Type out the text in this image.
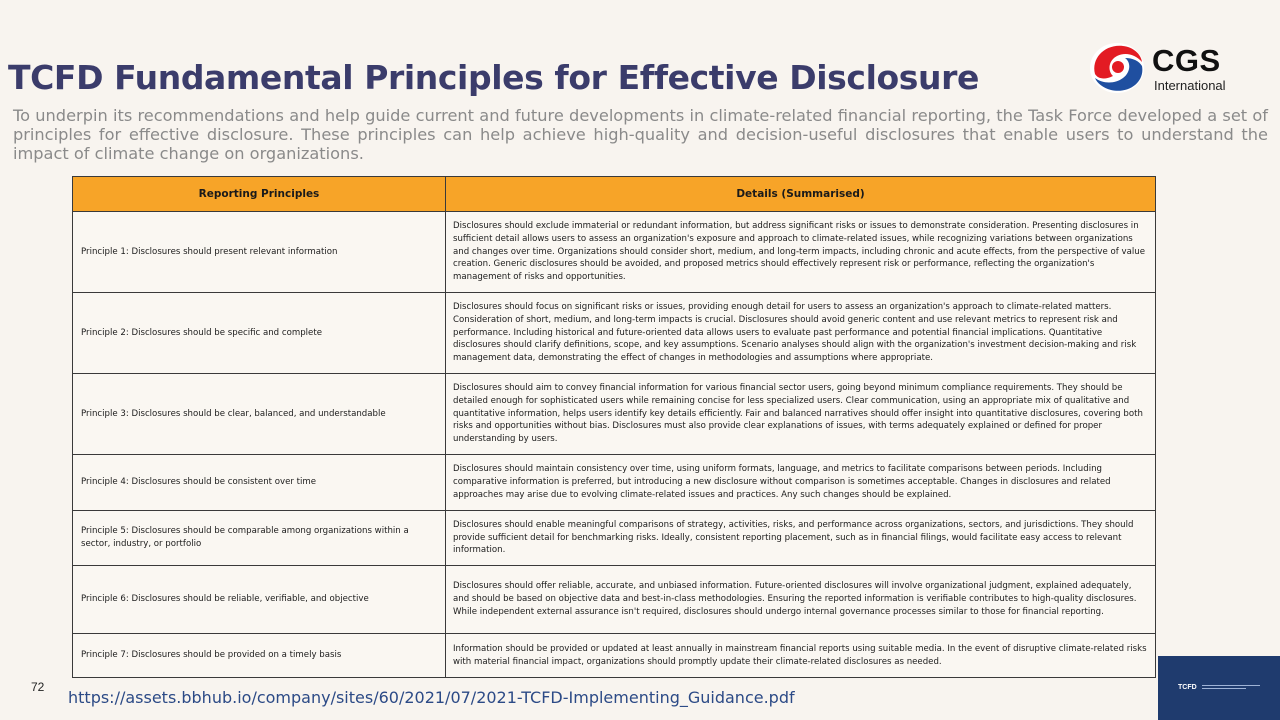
TCFD Fundamental Principles for Effective Disclosure	CGS
International
To underpin its recommendations and help guide current and future developments in climate-related financial reporting, the Task Force developed a set of principles for effective disclosure. These principles can help achieve high-quality and decision-useful disclosures that enable users to understand the impact of climate change on organizations.
Reporting Principles	Details (Summarised)
Principle 1: Disclosures should present relevant information	Disclosures should exclude immaterial or redundant information, but address significant risks or issues to demonstrate consideration. Presenting disclosures in sufficient detail allows users to assess an organization's exposure and approach to climate-related issues, while recognizing variations between organizations and changes over time. Organizations should consider short, medium, and long-term impacts, including chronic and acute effects, from the perspective of value creation. Generic disclosures should be avoided, and proposed metrics should effectively represent risk or performance, reflecting the organization's management of risks and opportunities.
Principle 2: Disclosures should be specific and complete	Disclosures should focus on significant risks or issues, providing enough detail for users to assess an organization's approach to climate-related matters. Consideration of short, medium, and long-term impacts is crucial. Disclosures should avoid generic content and use relevant metrics to represent risk and performance. Including historical and future-oriented data allows users to evaluate past performance and potential financial implications. Quantitative disclosures should clarify definitions, scope, and key assumptions. Scenario analyses should align with the organization's investment decision-making and risk management data, demonstrating the effect of changes in methodologies and assumptions where appropriate.
Principle 3: Disclosures should be clear, balanced, and understandable	Disclosures should aim to convey financial information for various financial sector users, going beyond minimum compliance requirements. They should be detailed enough for sophisticated users while remaining concise for less specialized users. Clear communication, using an appropriate mix of qualitative and quantitative information, helps users identify key details efficiently. Fair and balanced narratives should offer insight into quantitative disclosures, covering both risks and opportunities without bias. Disclosures must also provide clear explanations of issues, with terms adequately explained or defined for proper understanding by users.
Principle 4: Disclosures should be consistent over time	Disclosures should maintain consistency over time, using uniform formats, language, and metrics to facilitate comparisons between periods. Including comparative information is preferred, but introducing a new disclosure without comparison is sometimes acceptable. Changes in disclosures and related approaches may arise due to evolving climate-related issues and practices. Any such changes should be explained.
Principle 5: Disclosures should be comparable among organizations within a sector, industry, or portfolio	Disclosures should enable meaningful comparisons of strategy, activities, risks, and performance across organizations, sectors, and jurisdictions. They should provide sufficient detail for benchmarking risks. Ideally, consistent reporting placement, such as in financial filings, would facilitate easy access to relevant information.
Principle 6: Disclosures should be reliable, verifiable, and objective	Disclosures should offer reliable, accurate, and unbiased information. Future-oriented disclosures will involve organizational judgment, explained adequately, and should be based on objective data and best-in-class methodologies. Ensuring the reported information is verifiable contributes to high-quality disclosures. While independent external assurance isn't required, disclosures should undergo internal governance processes similar to those for financial reporting.
Principle 7: Disclosures should be provided on a timely basis	Information should be provided or updated at least annually in mainstream financial reports using suitable media. In the event of disruptive climate-related risks with material financial impact, organizations should promptly update their climate-related disclosures as needed.
72
https://assets.bbhub.io/company/sites/60/2021/07/2021-TCFD-Implementing_Guidance.pdf
TCFD
